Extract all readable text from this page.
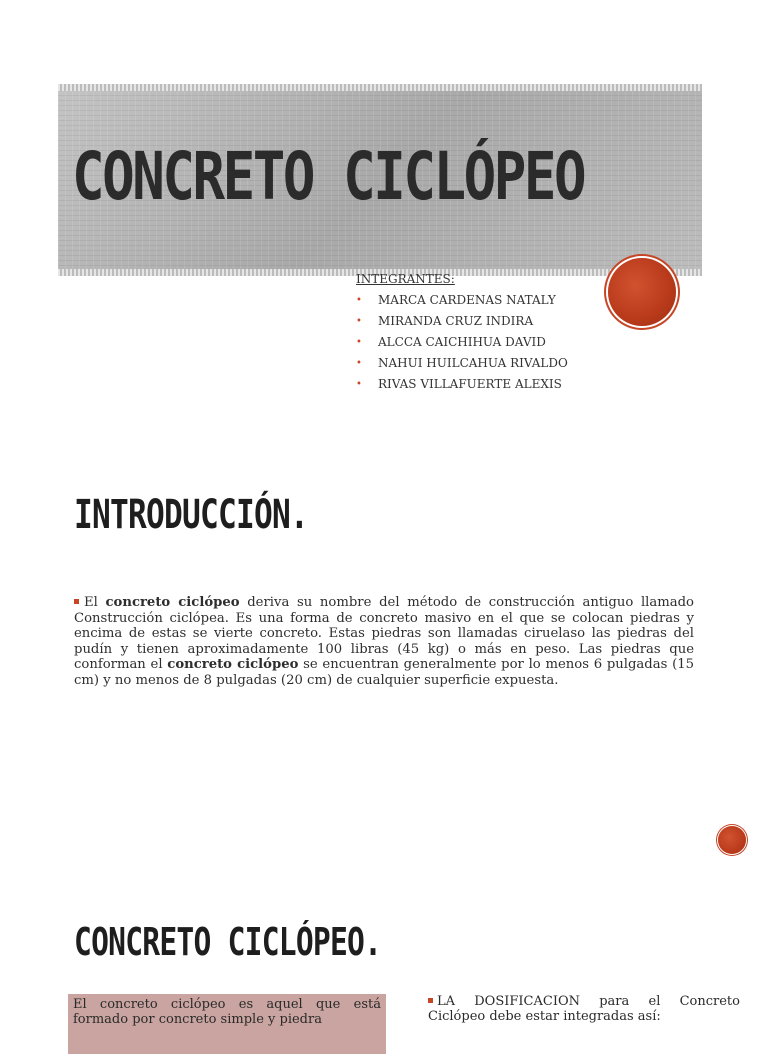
CONCRETO CICLÓPEO
INTEGRANTES:
• MARCA CARDENAS NATALY
• MIRANDA CRUZ INDIRA
• ALCCA CAICHIHUA DAVID
• NAHUI HUILCAHUA RIVALDO
• RIVAS VILLAFUERTE ALEXIS
INTRODUCCIÓN.
El concreto ciclópeo deriva su nombre del método de construcción antiguo llamado Construcción ciclópea. Es una forma de concreto masivo en el que se colocan piedras y encima de estas se vierte concreto. Estas piedras son llamadas ciruelaso las piedras del pudín y tienen aproximadamente 100 libras (45 kg) o más en peso. Las piedras que conforman el concreto ciclópeo se encuentran generalmente por lo menos 6 pulgadas (15 cm) y no menos de 8 pulgadas (20 cm) de cualquier superficie expuesta.
CONCRETO CICLÓPEO.
El concreto ciclópeo es aquel que está formado por concreto simple y piedra
LA DOSIFICACION para el Concreto Ciclópeo debe estar integradas así:
